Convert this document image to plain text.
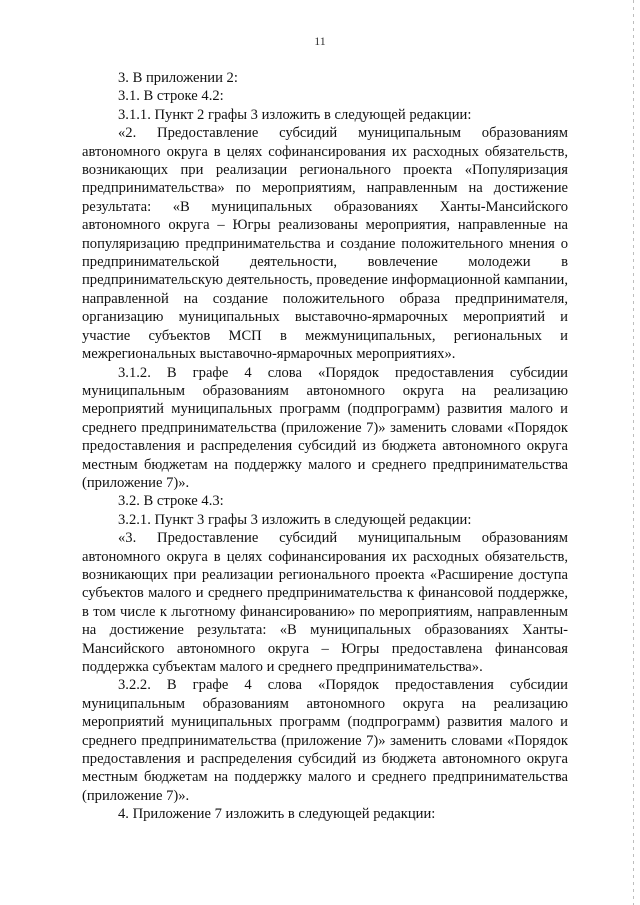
11

3. В приложении 2:

3.1. В строке 4.2:

3.1.1. Пункт 2 графы 3 изложить в следующей редакции:

«2. Предоставление субсидий муниципальным образованиям автономного округа в целях софинансирования их расходных обязательств, возникающих при реализации регионального проекта «Популяризация предпринимательства» по мероприятиям, направленным на достижение результата: «В муниципальных образованиях Ханты-Мансийского автономного округа – Югры реализованы мероприятия, направленные на популяризацию предпринимательства и создание положительного мнения о предпринимательской деятельности, вовлечение молодежи в предпринимательскую деятельность, проведение информационной кампании, направленной на создание положительного образа предпринимателя, организацию муниципальных выставочно-ярмарочных мероприятий и участие субъектов МСП в межмуниципальных, региональных и межрегиональных выставочно-ярмарочных мероприятиях».

3.1.2. В графе 4 слова «Порядок предоставления субсидии муниципальным образованиям автономного округа на реализацию мероприятий муниципальных программ (подпрограмм) развития малого и среднего предпринимательства (приложение 7)» заменить словами «Порядок предоставления и распределения субсидий из бюджета автономного округа местным бюджетам на поддержку малого и среднего предпринимательства (приложение 7)».

3.2. В строке 4.3:

3.2.1. Пункт 3 графы 3 изложить в следующей редакции:

«3. Предоставление субсидий муниципальным образованиям автономного округа в целях софинансирования их расходных обязательств, возникающих при реализации регионального проекта «Расширение доступа субъектов малого и среднего предпринимательства к финансовой поддержке, в том числе к льготному финансированию» по мероприятиям, направленным на достижение результата: «В муниципальных образованиях Ханты-Мансийского автономного округа – Югры предоставлена финансовая поддержка субъектам малого и среднего предпринимательства».

3.2.2. В графе 4 слова «Порядок предоставления субсидии муниципальным образованиям автономного округа на реализацию мероприятий муниципальных программ (подпрограмм) развития малого и среднего предпринимательства (приложение 7)» заменить словами «Порядок предоставления и распределения субсидий из бюджета автономного округа местным бюджетам на поддержку малого и среднего предпринимательства (приложение 7)».

4. Приложение 7 изложить в следующей редакции:
